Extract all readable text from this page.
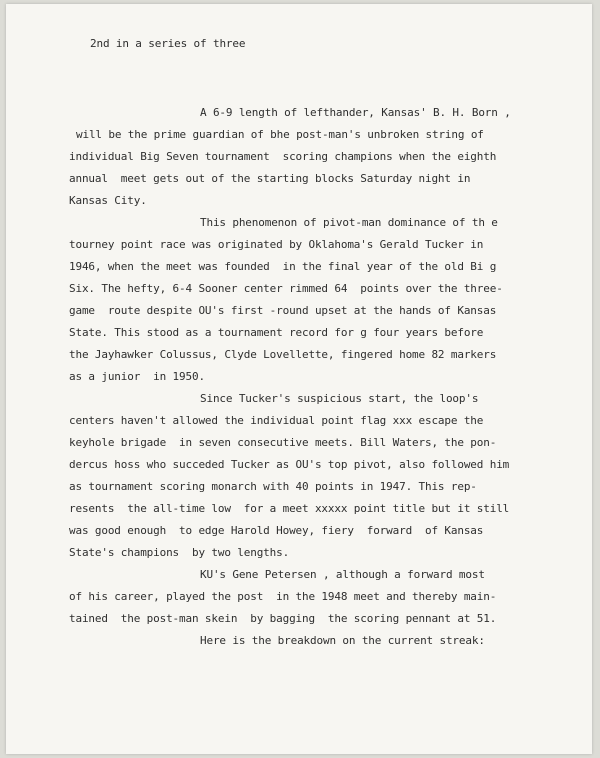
2nd in a series of three

A 6-9 length of lefthander, Kansas' B. H. Born ,

will be the prime guardian of bhe post-man's unbroken string of

individual Big Seven tournament  scoring champions when the eighth

annual  meet gets out of the starting blocks Saturday night in

Kansas City.

This phenomenon of pivot-man dominance of th e

tourney point race was originated by Oklahoma's Gerald Tucker in

1946, when the meet was founded  in the final year of the old Bi g

Six. The hefty, 6-4 Sooner center rimmed 64  points over the three-

game  route despite OU's first -round upset at the hands of Kansas

State. This stood as a tournament record for g four years before

the Jayhawker Colussus, Clyde Lovellette, fingered home 82 markers

as a junior  in 1950.

Since Tucker's suspicious start, the loop's

centers haven't allowed the individual point flag xxx escape the

keyhole brigade  in seven consecutive meets. Bill Waters, the pon-

dercus hoss who succeded Tucker as OU's top pivot, also followed him

as tournament scoring monarch with 40 points in 1947. This rep-

resents  the all-time low  for a meet xxxxx point title but it still

was good enough  to edge Harold Howey, fiery  forward  of Kansas

State's champions  by two lengths.

KU's Gene Petersen , although a forward most

of his career, played the post  in the 1948 meet and thereby main-

tained  the post-man skein  by bagging  the scoring pennant at 51.

Here is the breakdown on the current streak:
